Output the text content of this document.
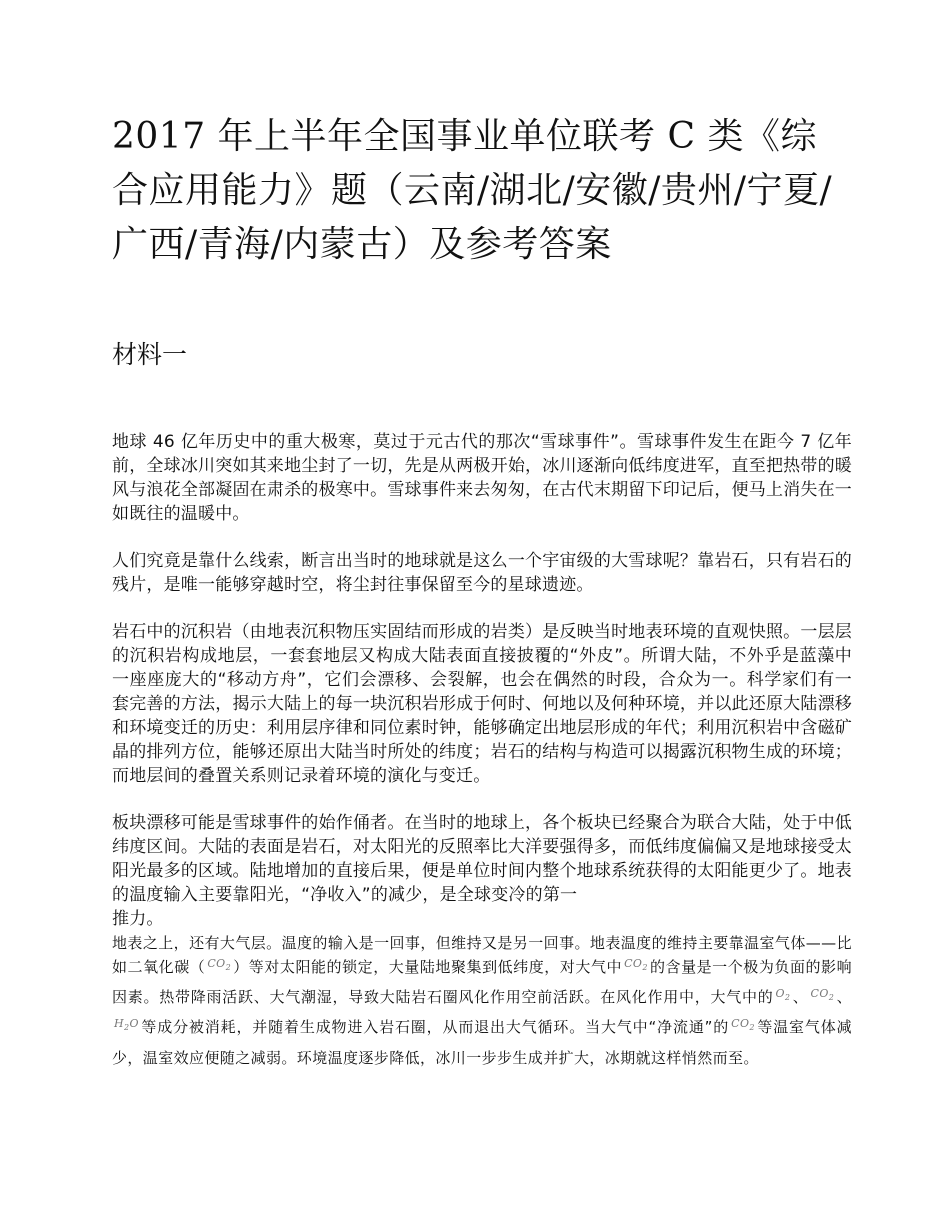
2017 年上半年全国事业单位联考 C 类《综合应用能力》题（云南/湖北/安徽/贵州/宁夏/广西/青海/内蒙古）及参考答案
材料一

地球 46 亿年历史中的重大极寒，莫过于元古代的那次“雪球事件”。雪球事件发生在距今 7 亿年前，全球冰川突如其来地尘封了一切，先是从两极开始，冰川逐渐向低纬度进军，直至把热带的暖风与浪花全部凝固在肃杀的极寒中。雪球事件来去匆匆，在古代末期留下印记后，便马上消失在一如既往的温暖中。

人们究竟是靠什么线索，断言出当时的地球就是这么一个宇宙级的大雪球呢？靠岩石，只有岩石的残片，是唯一能够穿越时空，将尘封往事保留至今的星球遗迹。

岩石中的沉积岩（由地表沉积物压实固结而形成的岩类）是反映当时地表环境的直观快照。一层层的沉积岩构成地层，一套套地层又构成大陆表面直接披覆的“外皮”。所谓大陆，不外乎是蓝藻中一座座庞大的“移动方舟”，它们会漂移、会裂解，也会在偶然的时段，合众为一。科学家们有一套完善的方法，揭示大陆上的每一块沉积岩形成于何时、何地以及何种环境，并以此还原大陆漂移和环境变迁的历史：利用层序律和同位素时钟，能够确定出地层形成的年代；利用沉积岩中含磁矿晶的排列方位，能够还原出大陆当时所处的纬度；岩石的结构与构造可以揭露沉积物生成的环境；而地层间的叠置关系则记录着环境的演化与变迁。

板块漂移可能是雪球事件的始作俑者。在当时的地球上，各个板块已经聚合为联合大陆，处于中低纬度区间。大陆的表面是岩石，对太阳光的反照率比大洋要强得多，而低纬度偏偏又是地球接受太阳光最多的区域。陆地增加的直接后果，便是单位时间内整个地球系统获得的太阳能更少了。地表的温度输入主要靠阳光，“净收入”的减少，是全球变冷的第一

推力。

地表之上，还有大气层。温度的输入是一回事，但维持又是另一回事。地表温度的维持主要靠温室气体——比如二氧化碳（ $^{CO_2}$ ）等对太阳能的锁定，大量陆地聚集到低纬度，对大气中 $^{CO_2}$ 的含量是一个极为负面的影响因素。热带降雨活跃、大气潮湿，导致大陆岩石圈风化作用空前活跃。在风化作用中，大气中的 $^{O_2}$ 、 $^{CO_2}$ 、$^{H_2O}$ 等成分被消耗，并随着生成物进入岩石圈，从而退出大气循环。当大气中“净流通”的 $^{CO_2}$ 等温室气体减少，温室效应便随之减弱。环境温度逐步降低，冰川一步步生成并扩大，冰期就这样悄然而至。
